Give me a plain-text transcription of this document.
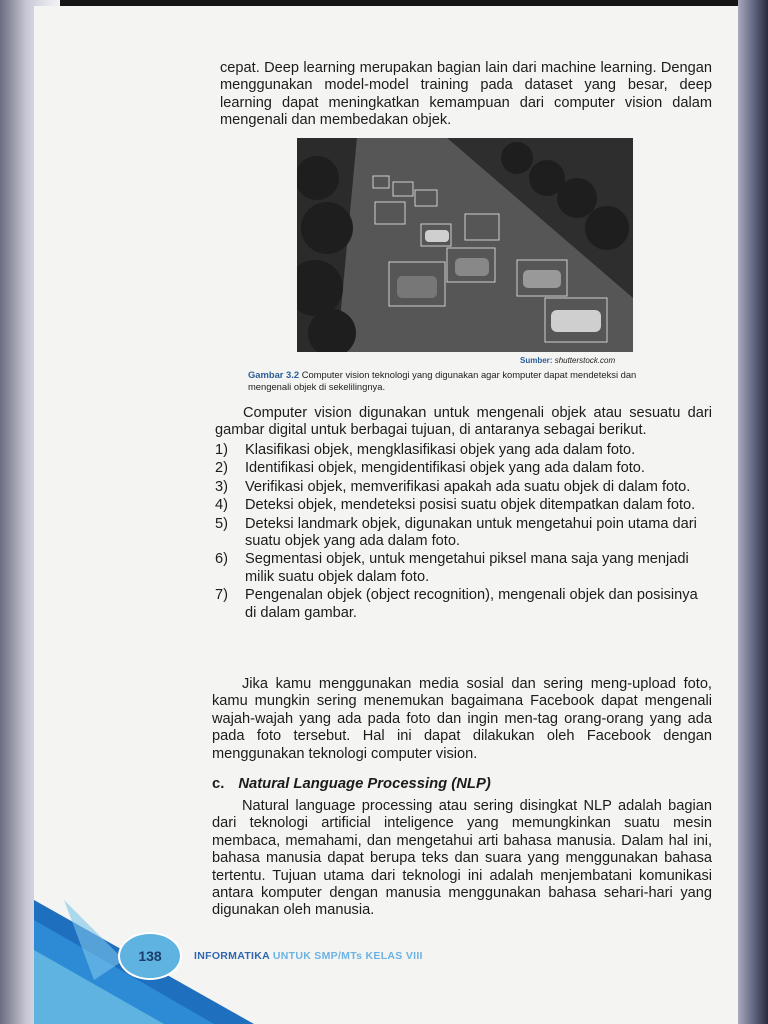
cepat. Deep learning merupakan bagian lain dari machine learning. Dengan menggunakan model-model training pada dataset yang besar, deep learning dapat meningkatkan kemampuan dari computer vision dalam mengenali dan membedakan objek.

Sumber: shutterstock.com
Gambar 3.2 Computer vision teknologi yang digunakan agar komputer dapat mendeteksi dan mengenali objek di sekelilingnya.

Computer vision digunakan untuk mengenali objek atau sesuatu dari gambar digital untuk berbagai tujuan, di antaranya sebagai berikut.

1) Klasifikasi objek, mengklasifikasi objek yang ada dalam foto.
2) Identifikasi objek, mengidentifikasi objek yang ada dalam foto.
3) Verifikasi objek, memverifikasi apakah ada suatu objek di dalam foto.
4) Deteksi objek, mendeteksi posisi suatu objek ditempatkan dalam foto.
5) Deteksi landmark objek, digunakan untuk mengetahui poin utama dari suatu objek yang ada dalam foto.
6) Segmentasi objek, untuk mengetahui piksel mana saja yang menjadi milik suatu objek dalam foto.
7) Pengenalan objek (object recognition), mengenali objek dan posisinya di dalam gambar.

Jika kamu menggunakan media sosial dan sering meng-upload foto, kamu mungkin sering menemukan bagaimana Facebook dapat mengenali wajah-wajah yang ada pada foto dan ingin men-tag orang-orang yang ada pada foto tersebut. Hal ini dapat dilakukan oleh Facebook dengan menggunakan teknologi computer vision.

c. Natural Language Processing (NLP)

Natural language processing atau sering disingkat NLP adalah bagian dari teknologi artificial inteligence yang memungkinkan suatu mesin membaca, memahami, dan mengetahui arti bahasa manusia. Dalam hal ini, bahasa manusia dapat berupa teks dan suara yang menggunakan bahasa tertentu. Tujuan utama dari teknologi ini adalah menjembatani komunikasi antara komputer dengan manusia menggunakan bahasa sehari-hari yang digunakan oleh manusia.

138	INFORMATIKA UNTUK SMP/MTs KELAS VIII
